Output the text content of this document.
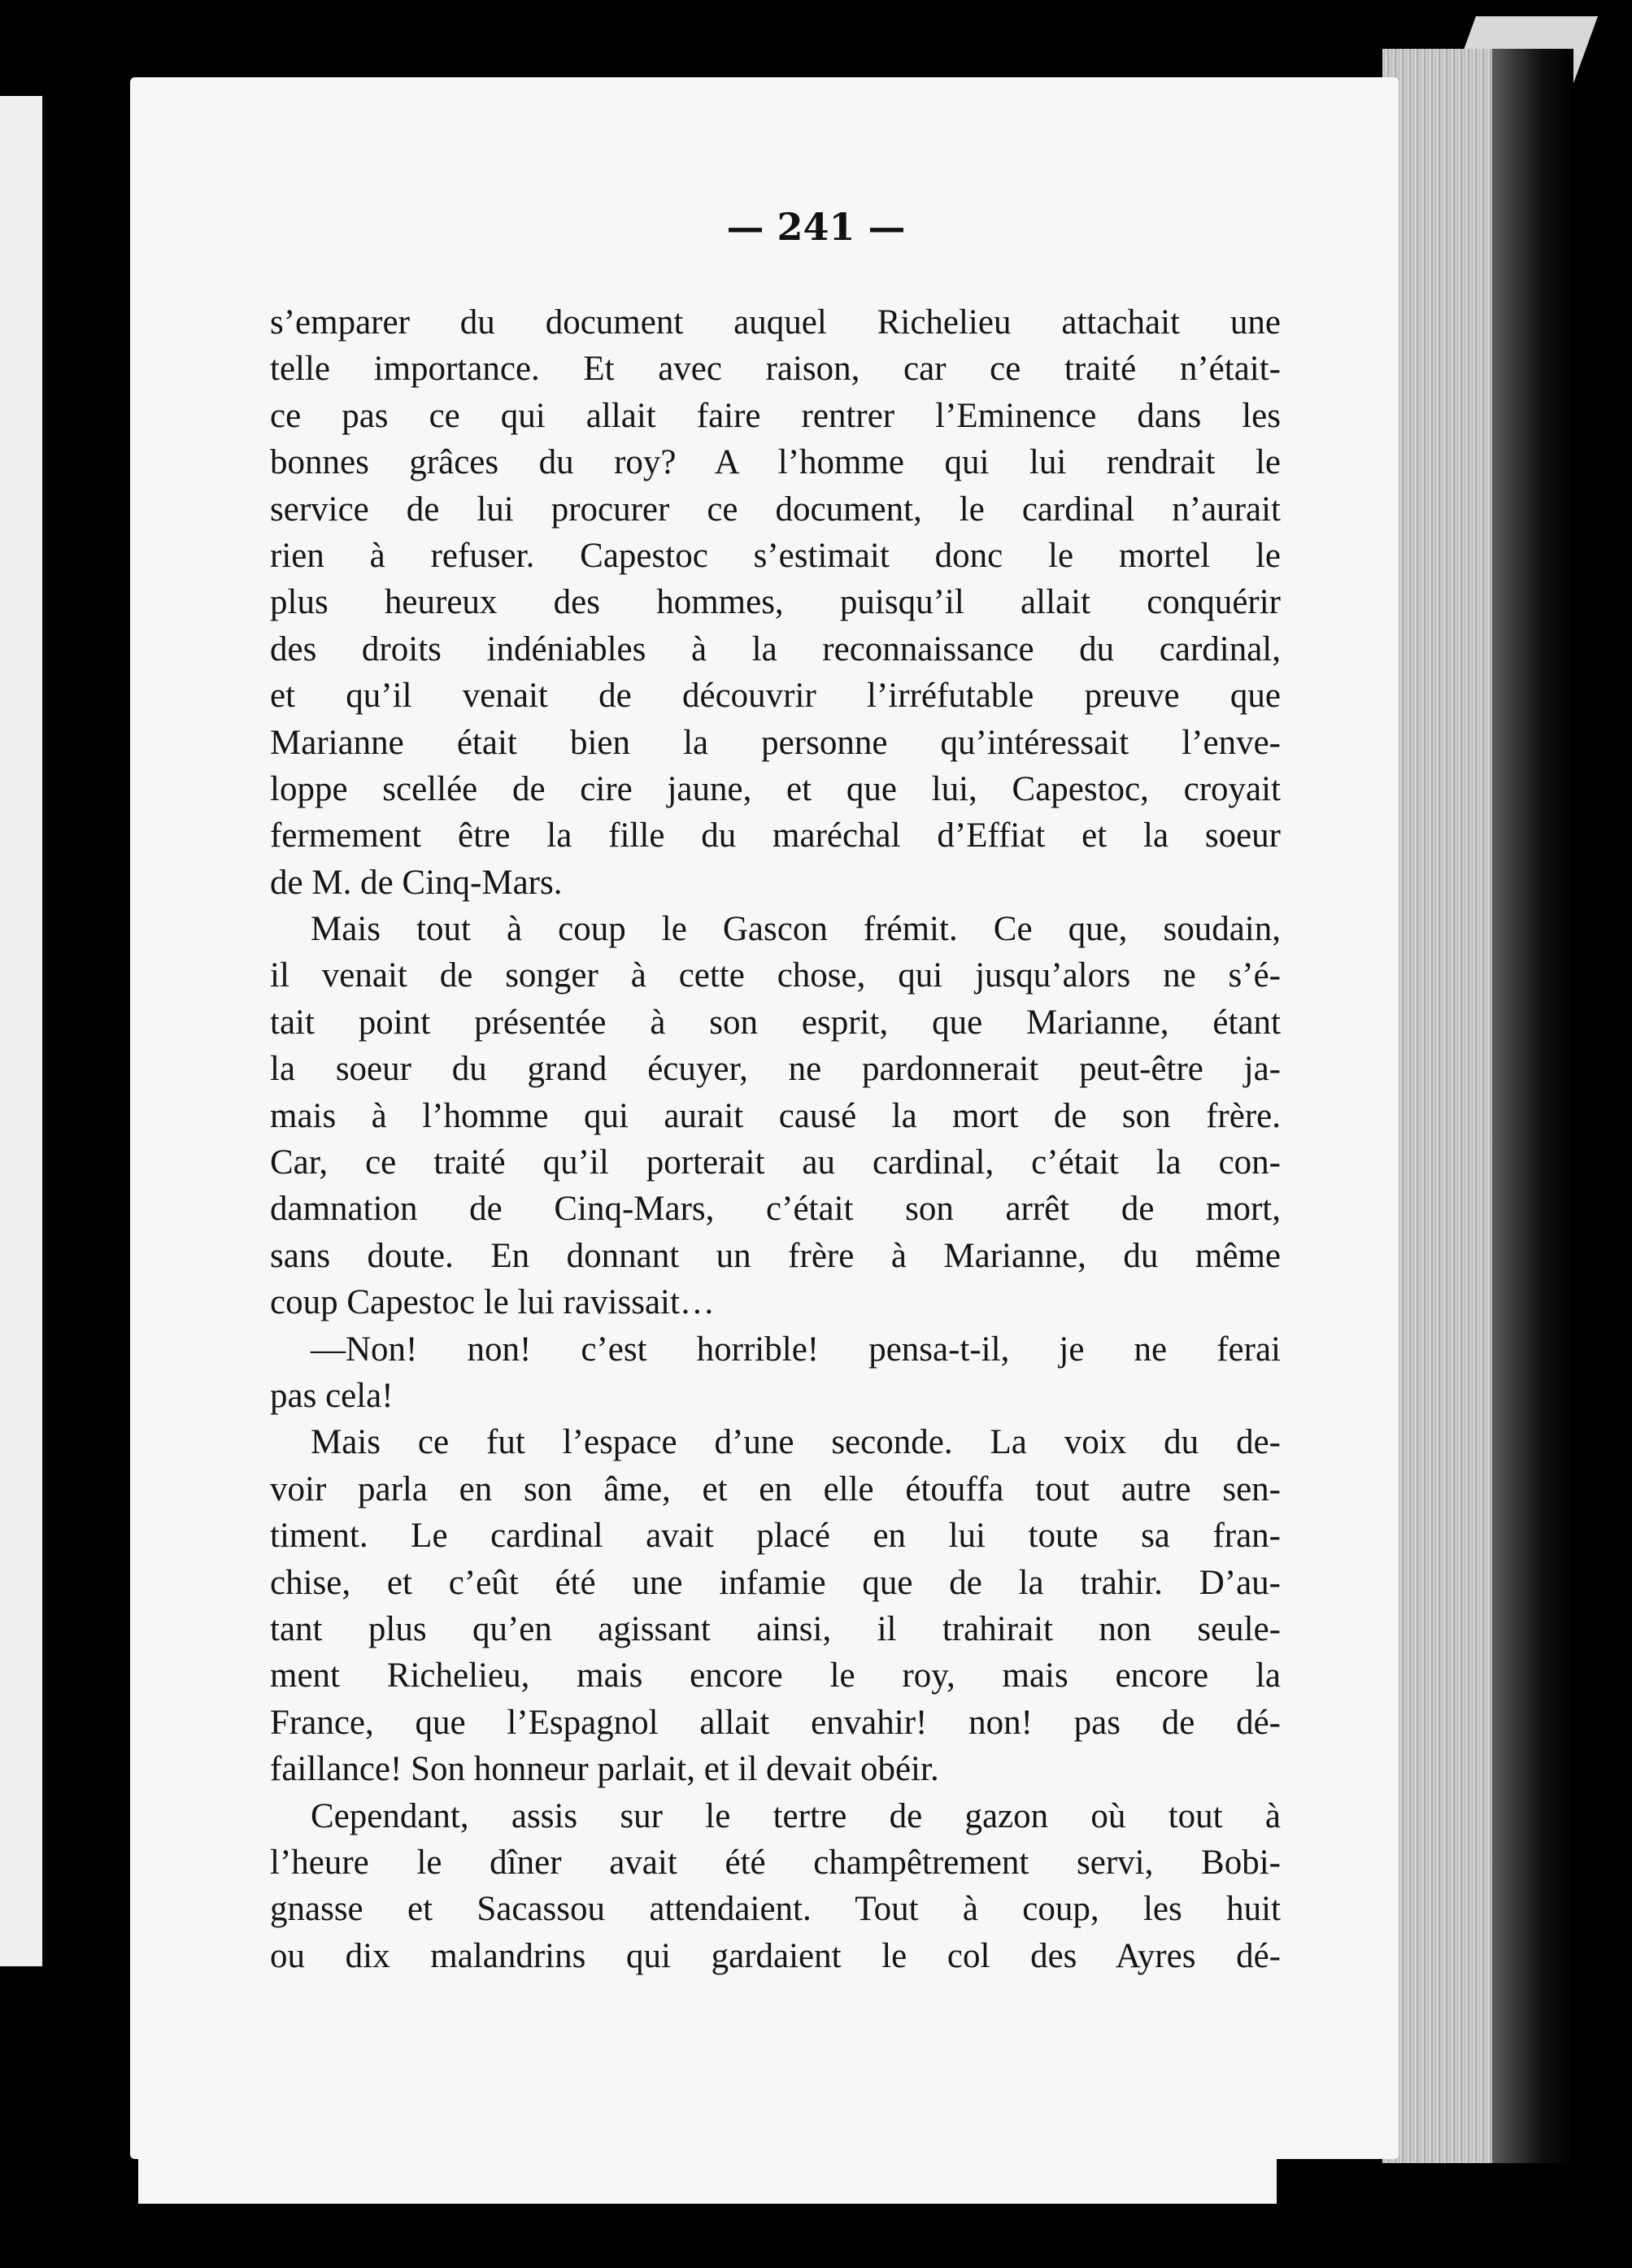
— 241 —

s’emparer du document auquel Richelieu attachait une
telle importance. Et avec raison, car ce traité n’était-
ce pas ce qui allait faire rentrer l’Eminence dans les
bonnes grâces du roy? A l’homme qui lui rendrait le
service de lui procurer ce document, le cardinal n’aurait
rien à refuser. Capestoc s’estimait donc le mortel le
plus heureux des hommes, puisqu’il allait conquérir
des droits indéniables à la reconnaissance du cardinal,
et qu’il venait de découvrir l’irréfutable preuve que
Marianne était bien la personne qu’intéressait l’enve-
loppe scellée de cire jaune, et que lui, Capestoc, croyait
fermement être la fille du maréchal d’Effiat et la soeur
de M. de Cinq-Mars.
Mais tout à coup le Gascon frémit. Ce que, soudain,
il venait de songer à cette chose, qui jusqu’alors ne s’é-
tait point présentée à son esprit, que Marianne, étant
la soeur du grand écuyer, ne pardonnerait peut-être ja-
mais à l’homme qui aurait causé la mort de son frère.
Car, ce traité qu’il porterait au cardinal, c’était la con-
damnation de Cinq-Mars, c’était son arrêt de mort,
sans doute. En donnant un frère à Marianne, du même
coup Capestoc le lui ravissait…
—Non! non! c’est horrible! pensa-t-il, je ne ferai
pas cela!
Mais ce fut l’espace d’une seconde. La voix du de-
voir parla en son âme, et en elle étouffa tout autre sen-
timent. Le cardinal avait placé en lui toute sa fran-
chise, et c’eût été une infamie que de la trahir. D’au-
tant plus qu’en agissant ainsi, il trahirait non seule-
ment Richelieu, mais encore le roy, mais encore la
France, que l’Espagnol allait envahir! non! pas de dé-
faillance! Son honneur parlait, et il devait obéir.
Cependant, assis sur le tertre de gazon où tout à
l’heure le dîner avait été champêtrement servi, Bobi-
gnasse et Sacassou attendaient. Tout à coup, les huit
ou dix malandrins qui gardaient le col des Ayres dé-
